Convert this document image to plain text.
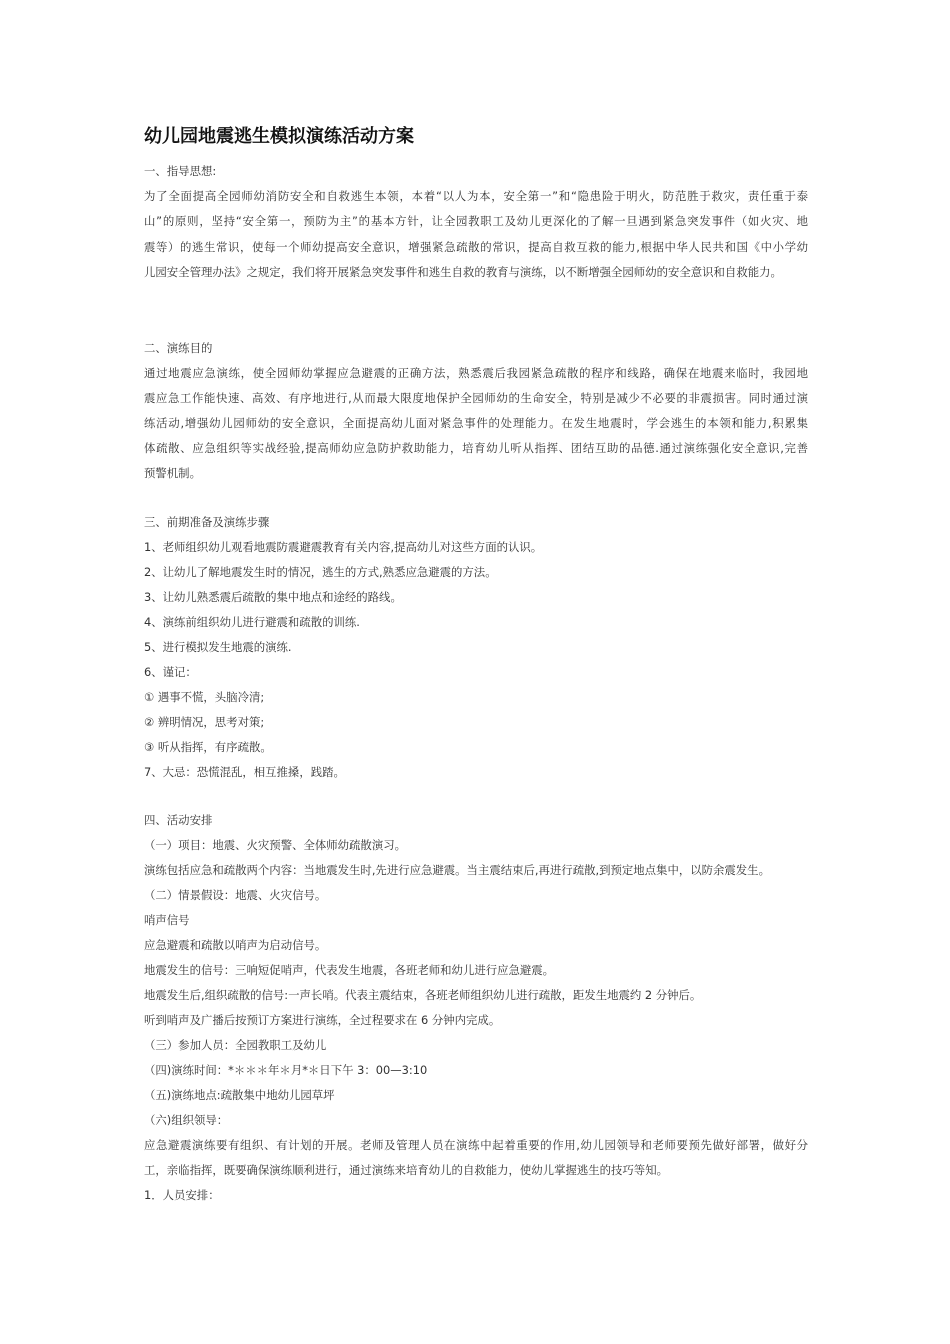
幼儿园地震逃生模拟演练活动方案
一、指导思想:
为了全面提高全园师幼消防安全和自救逃生本领，本着“以人为本，安全第一”和“隐患险于明火，防范胜于救灾，责任重于泰
山”的原则，坚持“安全第一，预防为主”的基本方针，让全园教职工及幼儿更深化的了解一旦遇到紧急突发事件（如火灾、地
震等）的逃生常识，使每一个师幼提高安全意识，增强紧急疏散的常识，提高自救互救的能力,根据中华人民共和国《中小学幼
儿园安全管理办法》之规定，我们将开展紧急突发事件和逃生自救的教育与演练，以不断增强全园师幼的安全意识和自救能力。
二、演练目的
通过地震应急演练，使全园师幼掌握应急避震的正确方法，熟悉震后我园紧急疏散的程序和线路，确保在地震来临时，我园地
震应急工作能快速、高效、有序地进行,从而最大限度地保护全园师幼的生命安全，特别是减少不必要的非震损害。同时通过演
练活动,增强幼儿园师幼的安全意识，全面提高幼儿面对紧急事件的处理能力。在发生地震时，学会逃生的本领和能力,积累集
体疏散、应急组织等实战经验,提高师幼应急防护救助能力，培育幼儿听从指挥、团结互助的品德.通过演练强化安全意识,完善
预警机制。
三、前期准备及演练步骤
1、老师组织幼儿观看地震防震避震教育有关内容,提高幼儿对这些方面的认识。
2、让幼儿了解地震发生时的情况，逃生的方式,熟悉应急避震的方法。
3、让幼儿熟悉震后疏散的集中地点和途经的路线。
4、演练前组织幼儿进行避震和疏散的训练.
5、进行模拟发生地震的演练.
6、谨记：
① 遇事不慌，头脑冷清;
② 辨明情况，思考对策;
③ 听从指挥，有序疏散。
7、大忌：恐慌混乱，相互推搡，践踏。
四、活动安排
（一）项目：地震、火灾预警、全体师幼疏散演习。
演练包括应急和疏散两个内容：当地震发生时,先进行应急避震。当主震结束后,再进行疏散,到预定地点集中，以防余震发生。
（二）情景假设：地震、火灾信号。
哨声信号
应急避震和疏散以哨声为启动信号。
地震发生的信号：三响短促哨声，代表发生地震，各班老师和幼儿进行应急避震。
地震发生后,组织疏散的信号:一声长哨。代表主震结束，各班老师组织幼儿进行疏散，距发生地震约 2 分钟后。
听到哨声及广播后按预订方案进行演练，全过程要求在 6 分钟内完成。
（三）参加人员：全园教职工及幼儿
（四)演练时间：*＊＊＊年＊月*＊日下午 3：00—3:10
（五)演练地点:疏散集中地幼儿园草坪
（六)组织领导：
应急避震演练要有组织、有计划的开展。老师及管理人员在演练中起着重要的作用,幼儿园领导和老师要预先做好部署，做好分
工，亲临指挥，既要确保演练顺利进行，通过演练来培育幼儿的自救能力，使幼儿掌握逃生的技巧等知。
1．人员安排：
